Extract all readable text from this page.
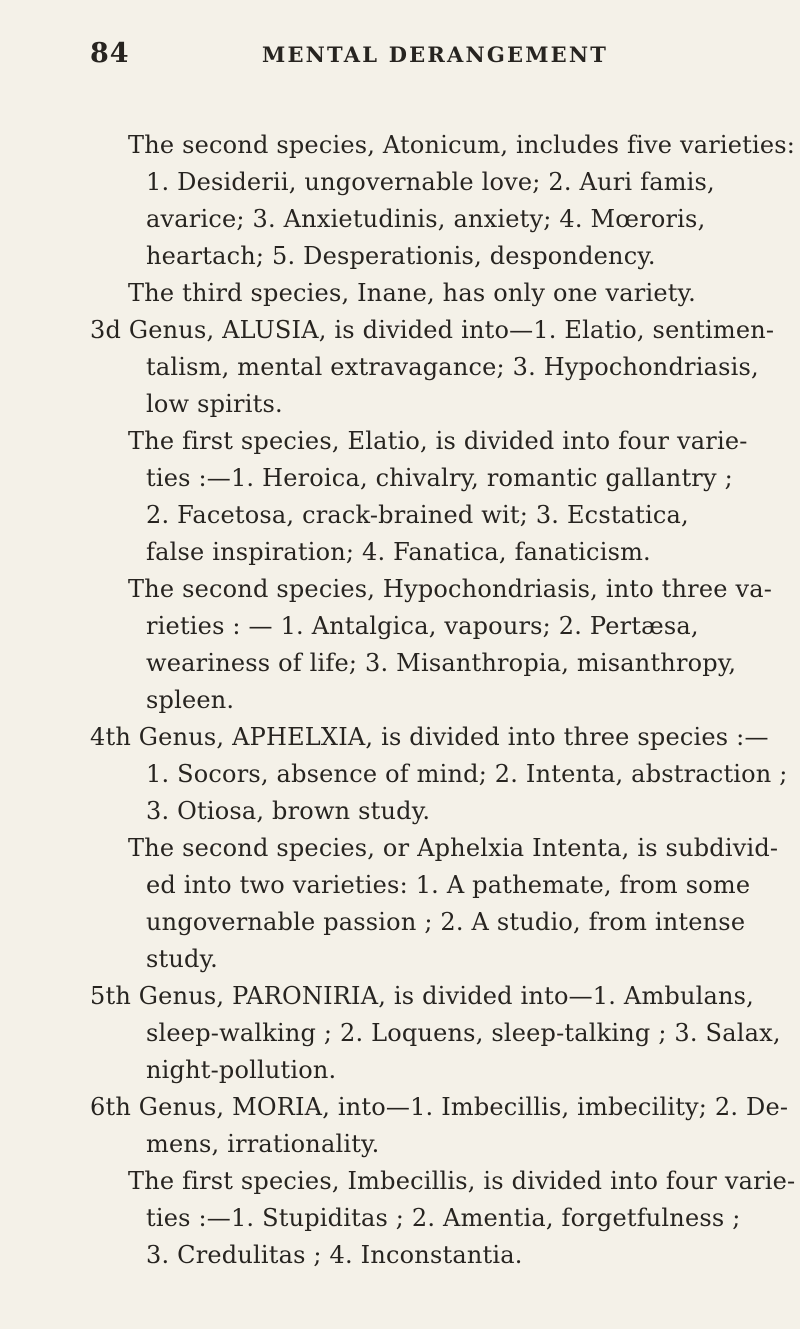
84	MENTAL DERANGEMENT
The second species, Atonicum, includes five varieties:
1. Desiderii, ungovernable love; 2. Auri famis,
avarice; 3. Anxietudinis, anxiety; 4. Mœroris,
heartach; 5. Desperationis, despondency.
The third species, Inane, has only one variety.
3d Genus, ALUSIA, is divided into—1. Elatio, sentimen-
talism, mental extravagance; 3. Hypochondriasis,
low spirits.
The first species, Elatio, is divided into four varie-
ties :—1. Heroica, chivalry, romantic gallantry ;
2. Facetosa, crack-brained wit; 3. Ecstatica,
false inspiration; 4. Fanatica, fanaticism.
The second species, Hypochondriasis, into three va-
rieties : — 1. Antalgica, vapours; 2. Pertæsa,
weariness of life; 3. Misanthropia, misanthropy,
spleen.
4th Genus, APHELXIA, is divided into three species :—
1. Socors, absence of mind; 2. Intenta, abstraction ;
3. Otiosa, brown study.
The second species, or Aphelxia Intenta, is subdivid-
ed into two varieties: 1. A pathemate, from some
ungovernable passion ; 2. A studio, from intense
study.
5th Genus, PARONIRIA, is divided into—1. Ambulans,
sleep-walking ; 2. Loquens, sleep-talking ; 3. Salax,
night-pollution.
6th Genus, MORIA, into—1. Imbecillis, imbecility; 2. De-
mens, irrationality.
The first species, Imbecillis, is divided into four varie-
ties :—1. Stupiditas ; 2. Amentia, forgetfulness ;
3. Credulitas ; 4. Inconstantia.
